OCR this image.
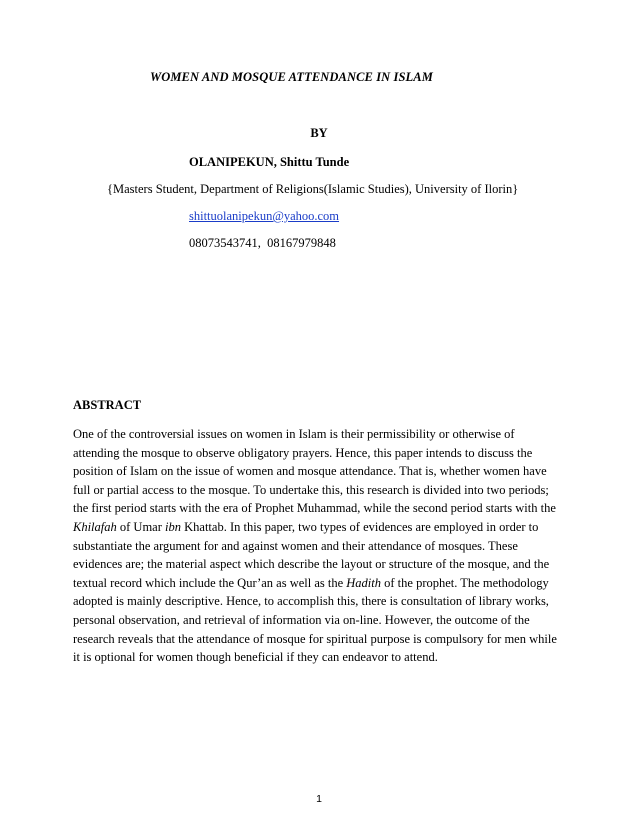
WOMEN AND MOSQUE ATTENDANCE IN ISLAM
BY
OLANIPEKUN, Shittu Tunde
{Masters Student, Department of Religions(Islamic Studies), University of Ilorin}
shittuolanipekun@yahoo.com
08073543741,  08167979848
ABSTRACT
One of the controversial issues on women in Islam is their permissibility or otherwise of
attending the mosque to observe obligatory prayers. Hence, this paper intends to discuss the
position of Islam on the issue of women and mosque attendance. That is, whether women have
full or partial access to the mosque. To undertake this, this research is divided into two periods;
the first period starts with the era of Prophet Muhammad, while the second period starts with the
Khilafah of Umar ibn Khattab. In this paper, two types of evidences are employed in order to
substantiate the argument for and against women and their attendance of mosques. These
evidences are; the material aspect which describe the layout or structure of the mosque, and the
textual record which include the Qur’an as well as the Hadith of the prophet. The methodology
adopted is mainly descriptive. Hence, to accomplish this, there is consultation of library works,
personal observation, and retrieval of information via on-line. However, the outcome of the
research reveals that the attendance of mosque for spiritual purpose is compulsory for men while
it is optional for women though beneficial if they can endeavor to attend.
1
